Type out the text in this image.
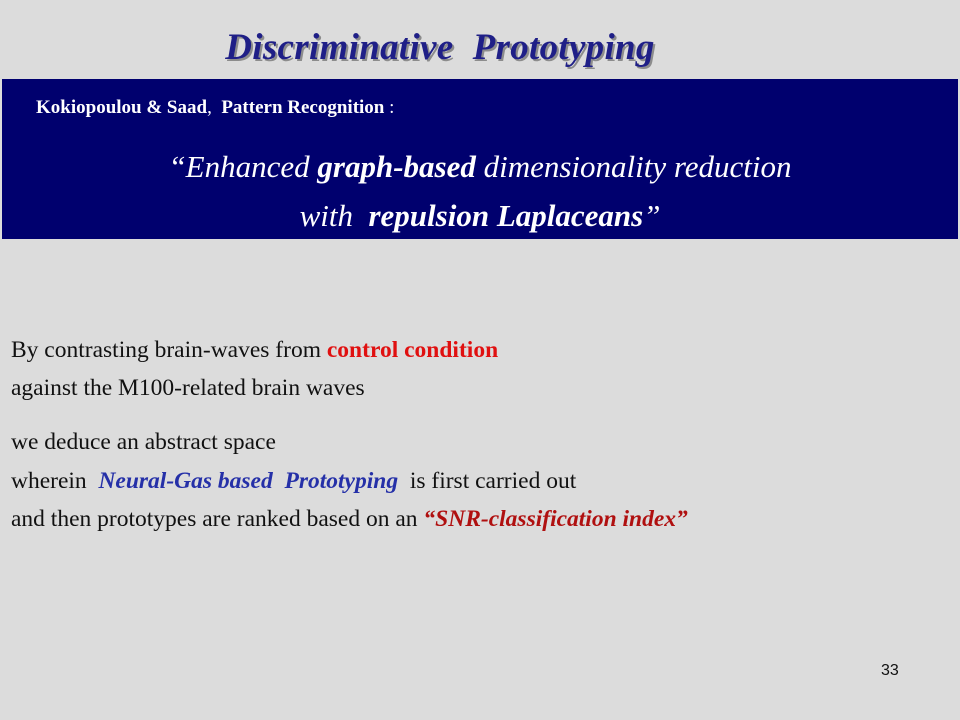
Discriminative  Prototyping
Kokiopoulou & Saad,  Pattern Recognition :
“Enhanced graph-based dimensionality reduction
with  repulsion Laplaceans”
By contrasting brain-waves from control condition
against the M100-related brain waves
we deduce an abstract space
wherein  Neural-Gas based  Prototyping  is first carried out
and then prototypes are ranked based on an “SNR-classification index”
33
